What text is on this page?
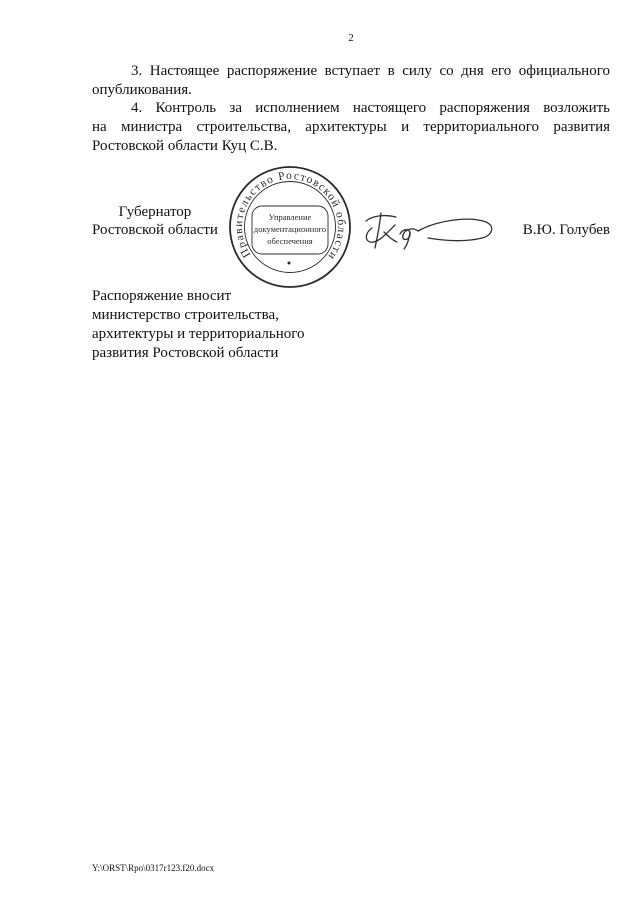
2
3. Настоящее распоряжение вступает в силу со дня его официального
опубликования.
4. Контроль за исполнением настоящего распоряжения возложить
на министра строительства, архитектуры и территориального развития
Ростовской области Куц С.В.
Губернатор
Ростовской области
Правительство Ростовской области
Управление
документационного
обеспечения
В.Ю. Голубев
Распоряжение вносит
министерство строительства,
архитектуры и территориального
развития Ростовской области
Y:\ORST\Rpo\0317r123.f20.docx
